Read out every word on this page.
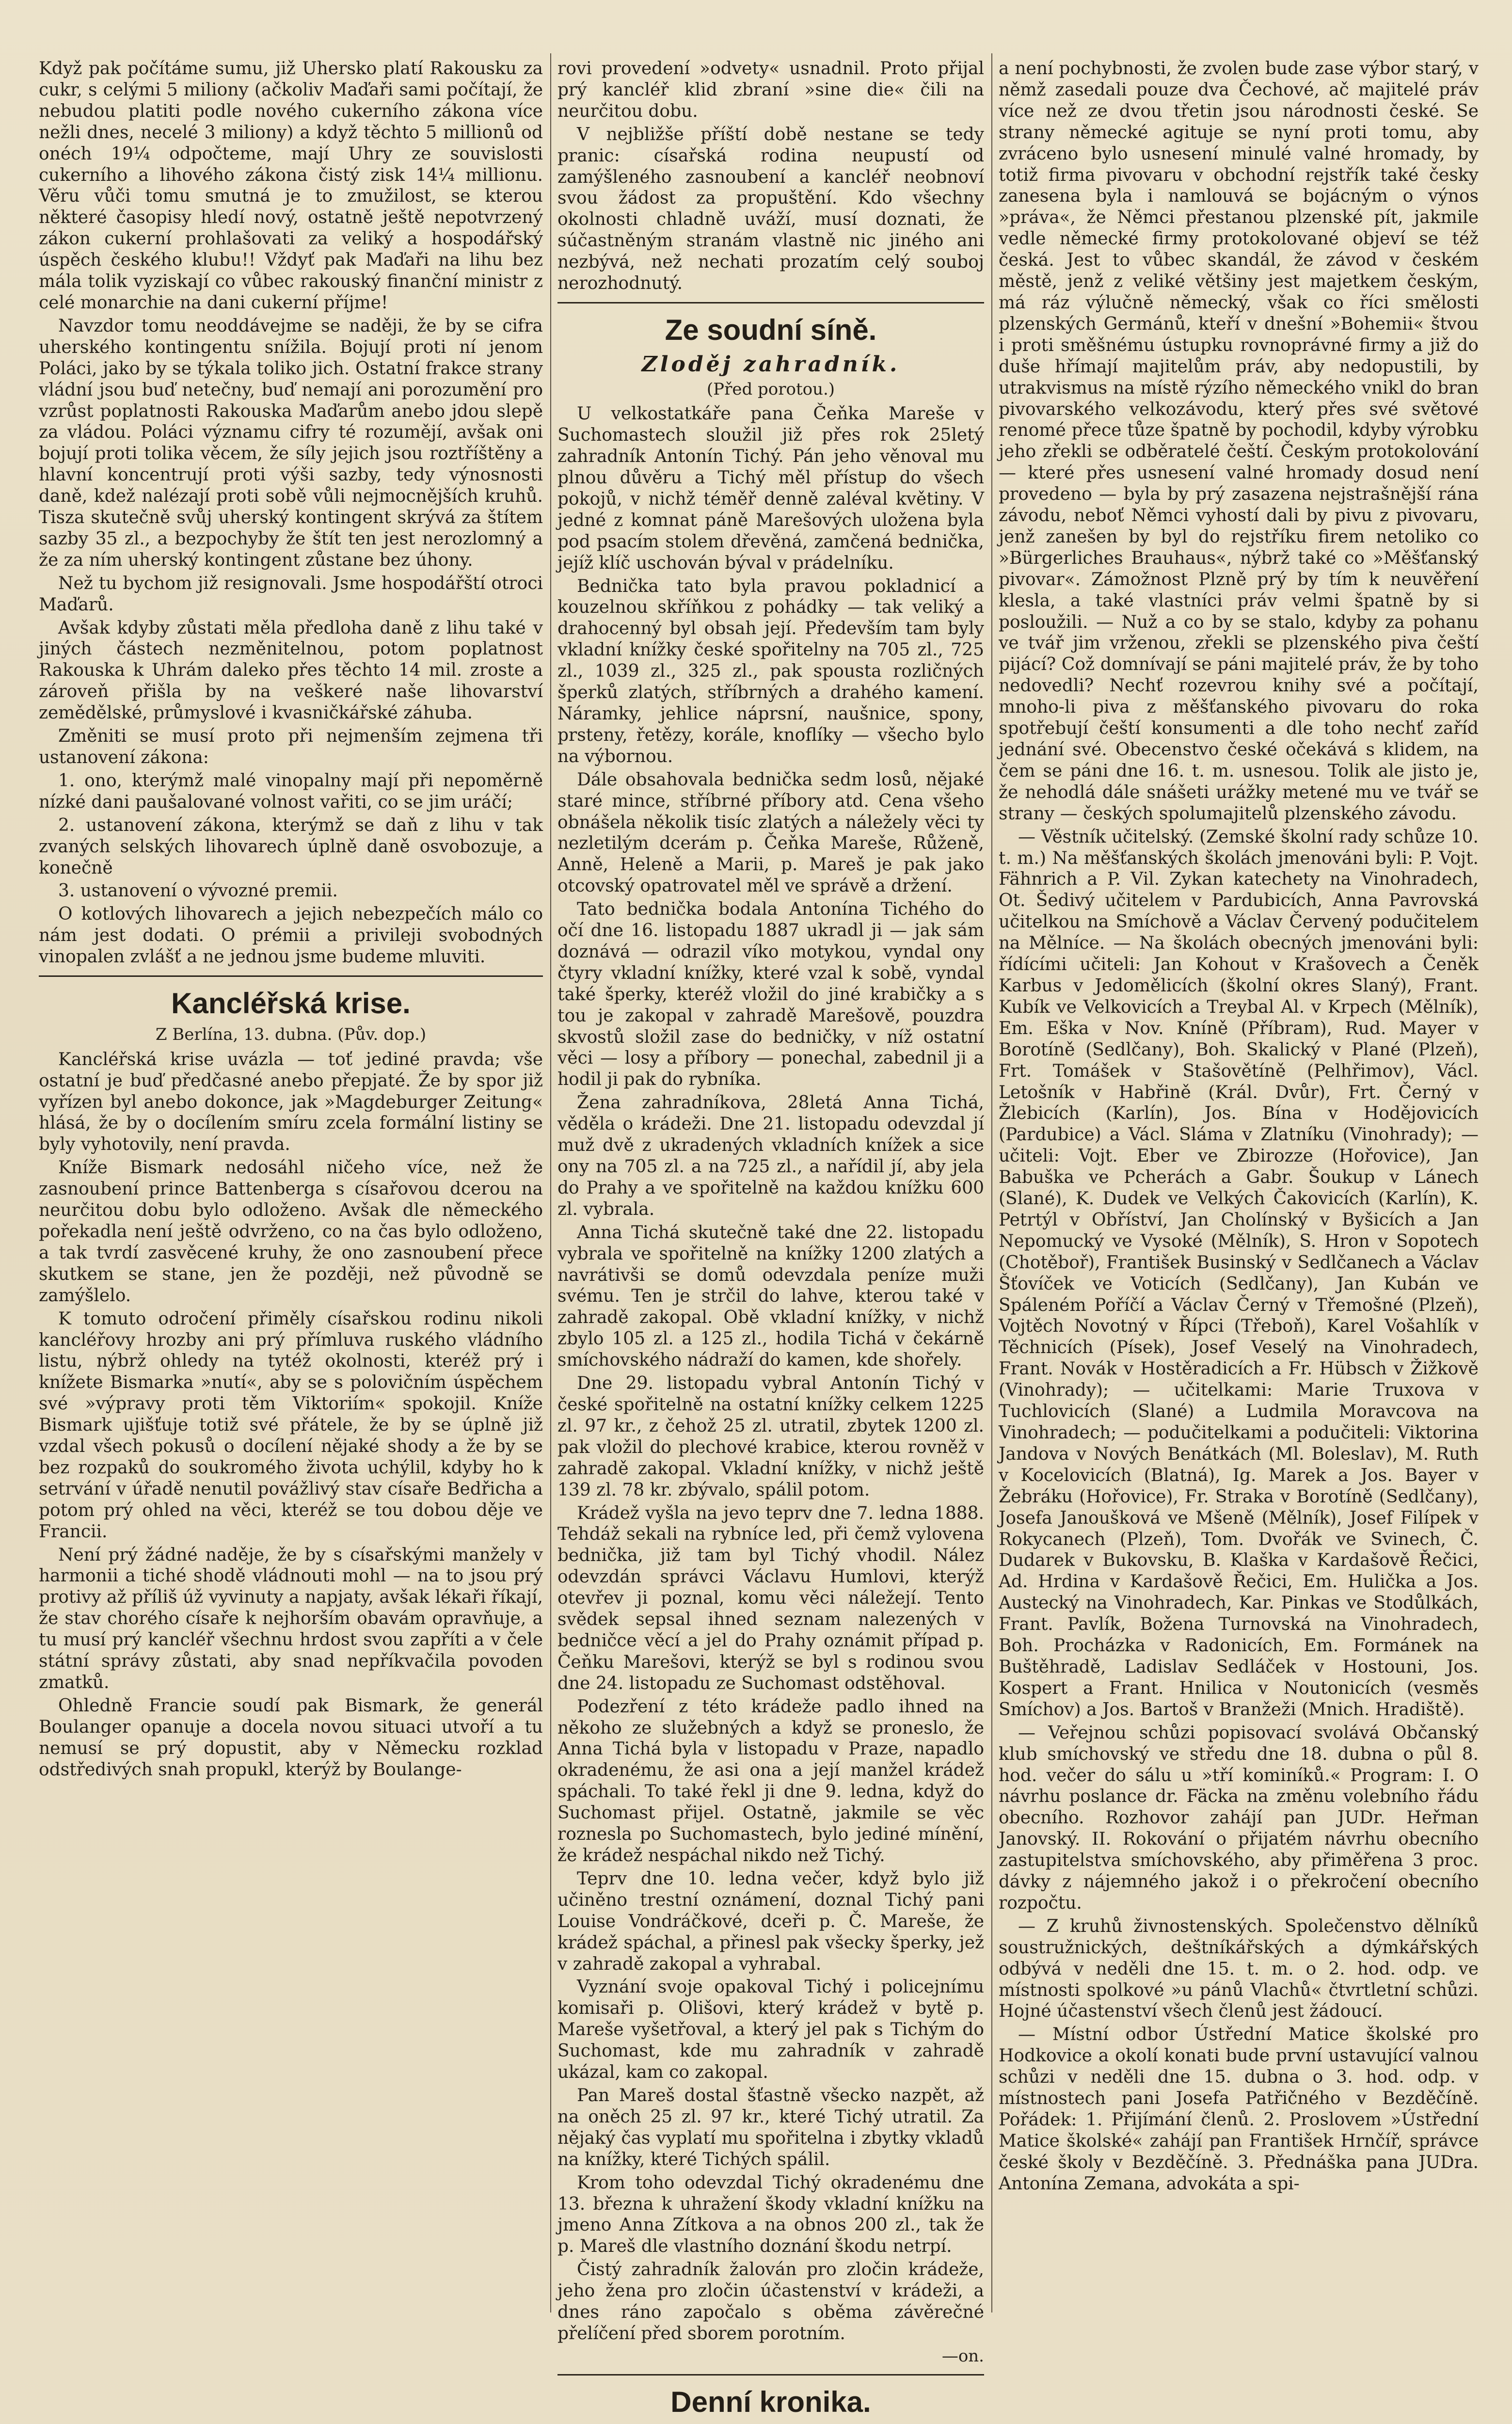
Když pak počítáme sumu, již Uhersko platí Rakousku za cukr, s celými 5 miliony (ačkoliv Maďaři sami počítají, že nebudou platiti podle nového cukerního zákona více nežli dnes, necelé 3 miliony) a když těchto 5 millionů od onéch 19¼ odpočteme, mají Uhry ze souvislosti cukerního a lihového zákona čistý zisk 14¼ millionu. Věru vůči tomu smutná je to zmužilost, se kterou některé časopisy hledí nový, ostatně ještě nepotvrzený zákon cukerní prohlašovati za veliký a hospodářský úspěch českého klubu!! Vždyť pak Maďaři na lihu bez mála tolik vyziskají co vůbec rakouský finanční ministr z celé monarchie na dani cukerní příjme!

Navzdor tomu neoddávejme se naději, že by se cifra uherského kontingentu snížila. Bojují proti ní jenom Poláci, jako by se týkala toliko jich. Ostatní frakce strany vládní jsou buď netečny, buď nemají ani porozumění pro vzrůst poplatnosti Rakouska Maďarům anebo jdou slepě za vládou. Poláci významu cifry té rozumějí, avšak oni bojují proti tolika věcem, že síly jejich jsou roztříštěny a hlavní koncentrují proti výši sazby, tedy výnosnosti daně, kdež nalézají proti sobě vůli nejmocnějších kruhů. Tisza skutečně svůj uherský kontingent skrývá za štítem sazby 35 zl., a bezpochyby že štít ten jest nerozlomný a že za ním uherský kontingent zůstane bez úhony.

Než tu bychom již resignovali. Jsme hospodářští otroci Maďarů.

Avšak kdyby zůstati měla předloha daně z lihu také v jiných částech nezměnitelnou, potom poplatnost Rakouska k Uhrám daleko přes těchto 14 mil. zroste a zároveň přišla by na veškeré naše lihovarství zemědělské, průmyslové i kvasničkářské záhuba.

Změniti se musí proto při nejmenším zejmena tři ustanovení zákona:

1. ono, kterýmž malé vinopalny mají při nepoměrně nízké dani paušalované volnost vařiti, co se jim uráčí;

2. ustanovení zákona, kterýmž se daň z lihu v tak zvaných selských lihovarech úplně daně osvobozuje, a konečně

3. ustanovení o vývozné premii.

O kotlových lihovarech a jejich nebezpečích málo co nám jest dodati. O prémii a privileji svobodných vinopalen zvlášť a ne jednou jsme budeme mluviti.

Kancléřská krise.
Z Berlína, 13. dubna. (Pův. dop.)

Kancléřská krise uvázla — toť jediné pravda; vše ostatní je buď předčasné anebo přepjaté. Že by spor již vyřízen byl anebo dokonce, jak »Magdeburger Zeitung« hlásá, že by o docílením smíru zcela formální listiny se byly vyhotovily, není pravda.

Kníže Bismark nedosáhl ničeho více, než že zasnoubení prince Battenberga s císařovou dcerou na neurčitou dobu bylo odloženo. Avšak dle německého pořekadla není ještě odvrženo, co na čas bylo odloženo, a tak tvrdí zasvěcené kruhy, že ono zasnoubení přece skutkem se stane, jen že později, než původně se zamýšlelo.

K tomuto odročení přiměly císařskou rodinu nikoli kancléřovy hrozby ani prý přímluva ruského vládního listu, nýbrž ohledy na tytéž okolnosti, kteréž prý i knížete Bismarka »nutí«, aby se s polovičním úspěchem své »výpravy proti těm Viktoriím« spokojil. Kníže Bismark ujišťuje totiž své přátele, že by se úplně již vzdal všech pokusů o docílení nějaké shody a že by se bez rozpaků do soukromého života uchýlil, kdyby ho k setrvání v úřadě nenutil povážlivý stav císaře Bedřicha a potom prý ohled na věci, kteréž se tou dobou děje ve Francii.

Není prý žádné naděje, že by s císařskými manžely v harmonii a tiché shodě vládnouti mohl — na to jsou prý protivy až příliš úž vyvinuty a napjaty, avšak lékaři říkají, že stav chorého císaře k nejhorším obavám opravňuje, a tu musí prý kancléř všechnu hrdost svou zapříti a v čele státní správy zůstati, aby snad nepříkvačila povoden zmatků.

Ohledně Francie soudí pak Bismark, že generál Boulanger opanuje a docela novou situaci utvoří a tu nemusí se prý dopustit, aby v Německu rozklad odstředivých snah propukl, kterýž by Boulange-

rovi provedení »odvety« usnadnil. Proto přijal prý kancléř klid zbraní »sine die« čili na neurčitou dobu.

V nejbližše příští době nestane se tedy pranic: císařská rodina neupustí od zamýšleného zasnoubení a kancléř neobnoví svou žádost za propuštění. Kdo všechny okolnosti chladně uváží, musí doznati, že súčastněným stranám vlastně nic jiného ani nezbývá, než nechati prozatím celý souboj nerozhodnutý.

Ze soudní síně.
Zloděj zahradník.
(Před porotou.)

U velkostatkáře pana Čeňka Mareše v Suchomastech sloužil již přes rok 25letý zahradník Antonín Tichý. Pán jeho věnoval mu plnou důvěru a Tichý měl přístup do všech pokojů, v nichž téměř denně zaléval květiny. V jedné z komnat páně Marešových uložena byla pod psacím stolem dřevěná, zamčená bednička, jejíž klíč uschován býval v prádelníku.

Bednička tato byla pravou pokladnicí a kouzelnou skříňkou z pohádky — tak veliký a drahocenný byl obsah její. Především tam byly vkladní knížky české spořitelny na 705 zl., 725 zl., 1039 zl., 325 zl., pak spousta rozličných šperků zlatých, stříbrných a drahého kamení. Náramky, jehlice náprsní, naušnice, spony, prsteny, řetězy, korále, knoflíky — všecho bylo na výbornou.

Dále obsahovala bednička sedm losů, nějaké staré mince, stříbrné příbory atd. Cena všeho obnášela několik tisíc zlatých a náležely věci ty nezletilým dcerám p. Čeňka Mareše, Růženě, Anně, Heleně a Marii, p. Mareš je pak jako otcovský opatrovatel měl ve správě a držení.

Tato bednička bodala Antonína Tichého do očí dne 16. listopadu 1887 ukradl ji — jak sám doznává — odrazil víko motykou, vyndal ony čtyry vkladní knížky, které vzal k sobě, vyndal také šperky, kteréž vložil do jiné krabičky a s tou je zakopal v zahradě Marešově, pouzdra skvostů složil zase do bedničky, v níž ostatní věci — losy a příbory — ponechal, zabednil ji a hodil ji pak do rybníka.

Žena zahradníkova, 28letá Anna Tichá, věděla o krádeži. Dne 21. listopadu odevzdal jí muž dvě z ukradených vkladních knížek a sice ony na 705 zl. a na 725 zl., a nařídil jí, aby jela do Prahy a ve spořitelně na každou knížku 600 zl. vybrala.

Anna Tichá skutečně také dne 22. listopadu vybrala ve spořitelně na knížky 1200 zlatých a navrátivši se domů odevzdala peníze muži svému. Ten je strčil do lahve, kterou také v zahradě zakopal. Obě vkladní knížky, v nichž zbylo 105 zl. a 125 zl., hodila Tichá v čekárně smíchovského nádraží do kamen, kde shořely.

Dne 29. listopadu vybral Antonín Tichý v české spořitelně na ostatní knížky celkem 1225 zl. 97 kr., z čehož 25 zl. utratil, zbytek 1200 zl. pak vložil do plechové krabice, kterou rovněž v zahradě zakopal. Vkladní knížky, v nichž ještě 139 zl. 78 kr. zbývalo, spálil potom.

Krádež vyšla na jevo teprv dne 7. ledna 1888. Tehdáž sekali na rybníce led, při čemž vylovena bednička, již tam byl Tichý vhodil. Nález odevzdán správci Václavu Humlovi, kterýž otevřev ji poznal, komu věci náležejí. Tento svědek sepsal ihned seznam nalezených v bedničce věcí a jel do Prahy oznámit případ p. Čeňku Marešovi, kterýž se byl s rodinou svou dne 24. listopadu ze Suchomast odstěhoval.

Podezření z této krádeže padlo ihned na někoho ze služebných a když se proneslo, že Anna Tichá byla v listopadu v Praze, napadlo okradenému, že asi ona a její manžel krádež spáchali. To také řekl ji dne 9. ledna, když do Suchomast přijel. Ostatně, jakmile se věc roznesla po Suchomastech, bylo jediné mínění, že krádež nespáchal nikdo než Tichý.

Teprv dne 10. ledna večer, když bylo již učiněno trestní oznámení, doznal Tichý pani Louise Vondráčkové, dceři p. Č. Mareše, že krádež spáchal, a přinesl pak všecky šperky, jež v zahradě zakopal a vyhrabal.

Vyznání svoje opakoval Tichý i policejnímu komisaři p. Olišovi, který krádež v bytě p. Mareše vyšetřoval, a který jel pak s Tichým do Suchomast, kde mu zahradník v zahradě ukázal, kam co zakopal.

Pan Mareš dostal šťastně všecko nazpět, až na oněch 25 zl. 97 kr., které Tichý utratil. Za nějaký čas vyplatí mu spořitelna i zbytky vkladů na knížky, které Tichých spálil.

Krom toho odevzdal Tichý okradenému dne 13. března k uhražení škody vkladní knížku na jmeno Anna Zítkova a na obnos 200 zl., tak že p. Mareš dle vlastního doznání škodu netrpí.

Čistý zahradník žalován pro zločin krádeže, jeho žena pro zločin účastenství v krádeži, a dnes ráno započalo s oběma závěrečné přelíčení před sborem porotním.

—on.
Denní kronika.

a není pochybnosti, že zvolen bude zase výbor starý, v němž zasedali pouze dva Čechové, ač majitelé práv více než ze dvou třetin jsou národnosti české. Se strany německé agituje se nyní proti tomu, aby zvráceno bylo usnesení minulé valné hromady, by totiž firma pivovaru v obchodní rejstřík také česky zanesena byla i namlouvá se bojácným o výnos »práva«, že Němci přestanou plzenské pít, jakmile vedle německé firmy protokolované objeví se též česká. Jest to vůbec skandál, že závod v českém městě, jenž z veliké většiny jest majetkem českým, má ráz výlučně německý, však co říci smělosti plzenských Germánů, kteří v dnešní »Bohemii« štvou i proti směšnému ústupku rovnoprávné firmy a již do duše hřímají majitelům práv, aby nedopustili, by utrakvismus na místě rýzího německého vnikl do bran pivovarského velkozávodu, který přes své světové renomé přece tůze špatně by pochodil, kdyby výrobku jeho zřekli se odběratelé čeští. Českým protokolování — které přes usnesení valné hromady dosud není provedeno — byla by prý zasazena nejstrašnější rána závodu, neboť Němci vyhostí dali by pivu z pivovaru, jenž zanešen by byl do rejstříku firem netoliko co »Bürgerliches Brauhaus«, nýbrž také co »Měšťanský pivovar«. Zámožnost Plzně prý by tím k neuvěření klesla, a také vlastníci práv velmi špatně by si posloužili. — Nuž a co by se stalo, kdyby za pohanu ve tvář jim vrženou, zřekli se plzenského piva čeští pijácí? Což domnívají se páni majitelé práv, že by toho nedovedli? Nechť rozevrou knihy své a počítají, mnoho-li piva z měšťanského pivovaru do roka spotřebují čeští konsumenti a dle toho nechť zaříd jednání své. Obecenstvo české očekává s klidem, na čem se páni dne 16. t. m. usnesou. Tolik ale jisto je, že nehodlá dále snášeti urážky metené mu ve tvář se strany — českých spolumajitelů plzenského závodu.

— Věstník učitelský. (Zemské školní rady schůze 10. t. m.) Na měšťanských školách jmenováni byli: P. Vojt. Fähnrich a P. Vil. Zykan katechety na Vinohradech, Ot. Šedivý učitelem v Pardubicích, Anna Pavrovská učitelkou na Smíchově a Václav Červený podučitelem na Mělníce. — Na školách obecných jmenováni byli: řídícími učiteli: Jan Kohout v Krašovech a Čeněk Karbus v Jedomělicích (školní okres Slaný), Frant. Kubík ve Velkovicích a Treybal Al. v Krpech (Mělník), Em. Eška v Nov. Kníně (Příbram), Rud. Mayer v Borotíně (Sedlčany), Boh. Skalický v Plané (Plzeň), Frt. Tomášek v Stašovětíně (Pelhřimov), Václ. Letošník v Habřině (Král. Dvůr), Frt. Černý v Žlebicích (Karlín), Jos. Bína v Hodějovicích (Pardubice) a Václ. Sláma v Zlatníku (Vinohrady); — učiteli: Vojt. Eber ve Zbirozze (Hořovice), Jan Babuška ve Pcherách a Gabr. Šoukup v Lánech (Slané), K. Dudek ve Velkých Čakovicích (Karlín), K. Petrtýl v Obříství, Jan Cholínský v Byšicích a Jan Nepomucký ve Vysoké (Mělník), S. Hron v Sopotech (Chotěboř), František Businský v Sedlčanech a Václav Šťovíček ve Voticích (Sedlčany), Jan Kubán ve Spáleném Poříčí a Václav Černý v Třemošné (Plzeň), Vojtěch Novotný v Řípci (Třeboň), Karel Vošahlík v Těchnicích (Písek), Josef Veselý na Vinohradech, Frant. Novák v Hostěradicích a Fr. Hübsch v Žižkově (Vinohrady); — učitelkami: Marie Truxova v Tuchlovicích (Slané) a Ludmila Moravcova na Vinohradech; — podučitelkami a podučiteli: Viktorina Jandova v Nových Benátkách (Ml. Boleslav), M. Ruth v Kocelovicích (Blatná), Ig. Marek a Jos. Bayer v Žebráku (Hořovice), Fr. Straka v Borotíně (Sedlčany), Josefa Janoušková ve Mšeně (Mělník), Josef Filípek v Rokycanech (Plzeň), Tom. Dvořák ve Svinech, Č. Dudarek v Bukovsku, B. Klaška v Kardašově Řečici, Ad. Hrdina v Kardašově Řečici, Em. Hulička a Jos. Austecký na Vinohradech, Kar. Pinkas ve Stodůlkách, Frant. Pavlík, Božena Turnovská na Vinohradech, Boh. Procházka v Radonicích, Em. Formánek na Buštěhradě, Ladislav Sedláček v Hostouni, Jos. Kospert a Frant. Hnilica v Noutonicích (vesměs Smíchov) a Jos. Bartoš v Branžeži (Mnich. Hradiště).

— Veřejnou schůzi popisovací svolává Občanský klub smíchovský ve středu dne 18. dubna o půl 8. hod. večer do sálu u »tří kominíků.« Program: I. O návrhu poslance dr. Fäcka na změnu volebního řádu obecního. Rozhovor zahájí pan JUDr. Heřman Janovský. II. Rokování o přijatém návrhu obecního zastupitelstva smíchovského, aby přiměřena 3 proc. dávky z nájemného jakož i o překročení obecního rozpočtu.

— Z kruhů živnostenských. Společenstvo dělníků soustružnických, deštníkářských a dýmkářských odbývá v neděli dne 15. t. m. o 2. hod. odp. ve místnosti spolkové »u pánů Vlachů« čtvrtletní schůzi. Hojné účastenství všech členů jest žádoucí.

— Místní odbor Ústřední Matice školské pro Hodkovice a okolí konati bude první ustavující valnou schůzi v neděli dne 15. dubna o 3. hod. odp. v místnostech pani Josefa Patřičného v Bezděčíně. Pořádek: 1. Přijímání členů. 2. Proslovem »Ústřední Matice školské« zahájí pan František Hrnčíř, správce české školy v Bezděčíně. 3. Přednáška pana JUDra. Antonína Zemana, advokáta a spi-
